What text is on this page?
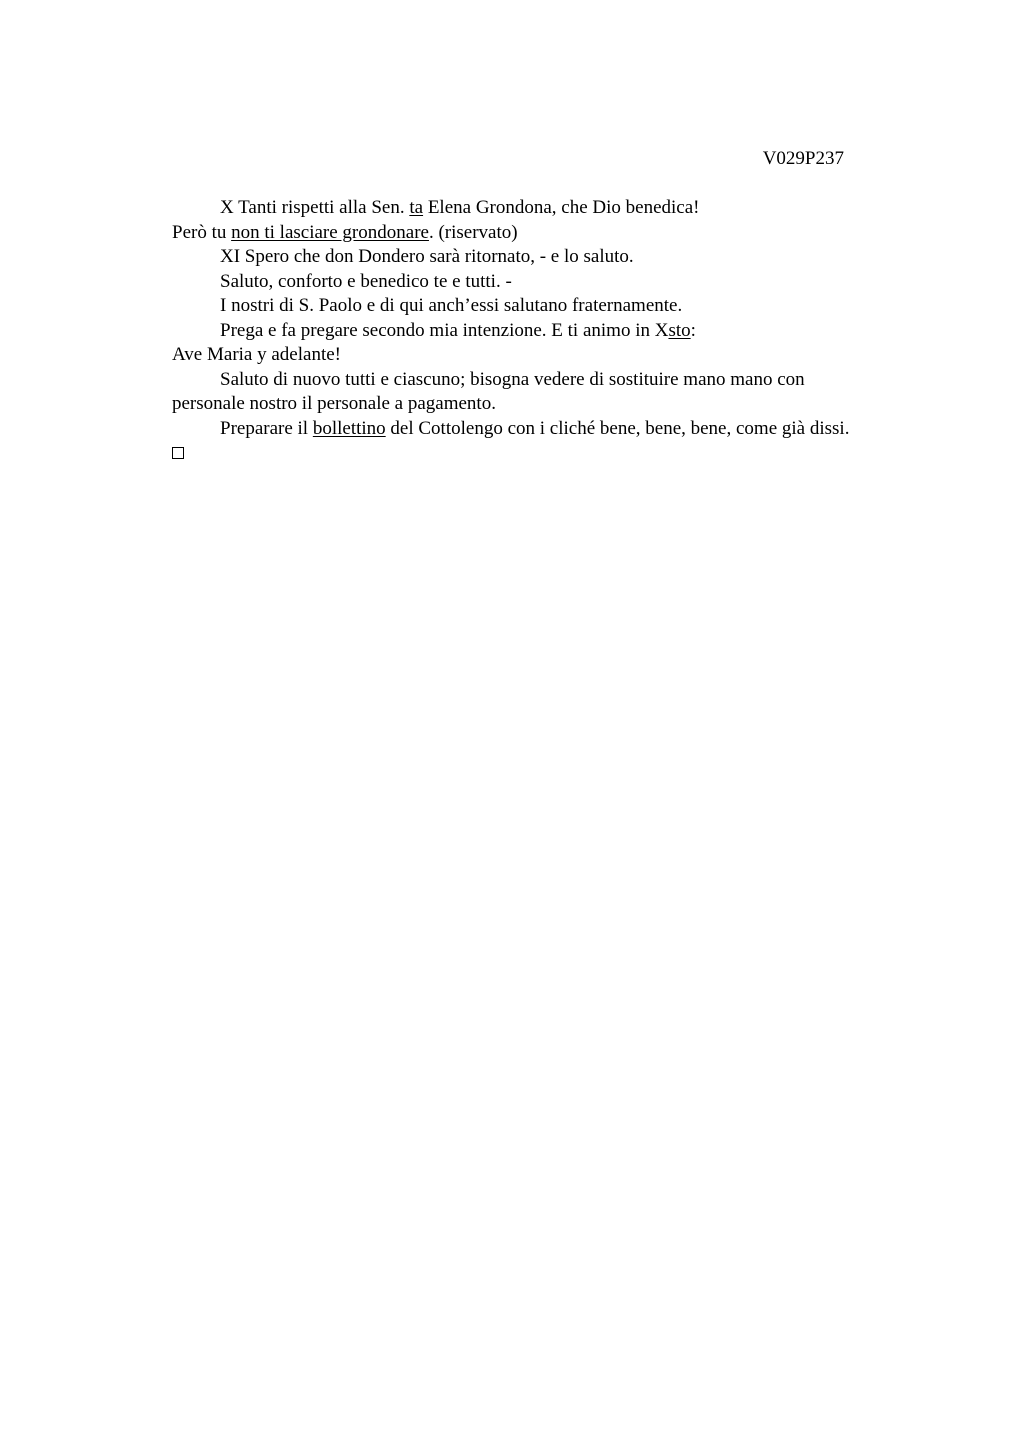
V029P237

X Tanti rispetti alla Sen. ta Elena Grondona, che Dio benedica!

Però tu non ti lasciare grondonare. (riservato)

XI Spero che don Dondero sarà ritornato, - e lo saluto.

Saluto, conforto e benedico te e tutti. -

I nostri di S. Paolo e di qui anch’essi salutano fraternamente.

Prega e fa pregare secondo mia intenzione. E ti animo in Xsto:

Ave Maria y adelante!

Saluto di nuovo tutti e ciascuno; bisogna vedere di sostituire mano mano con personale nostro il personale a pagamento.

Preparare il bollettino del Cottolengo con i cliché bene, bene, bene, come già dissi.
